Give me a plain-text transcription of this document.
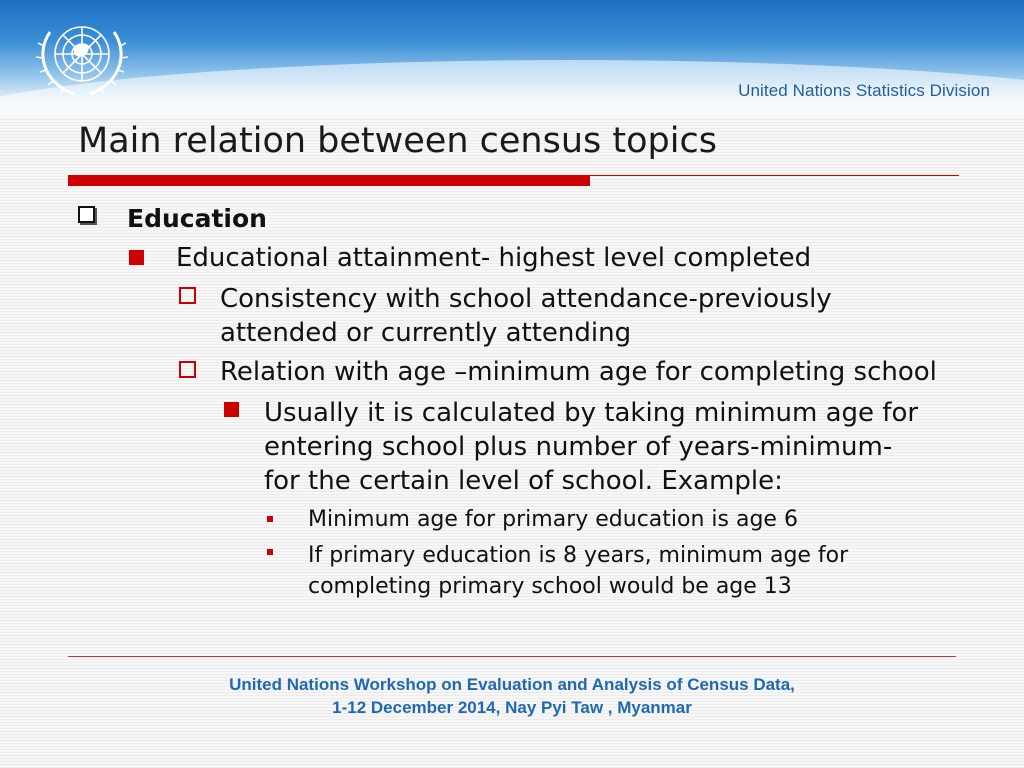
United Nations Statistics Division
Main relation between census topics
Education
Educational attainment- highest level completed
Consistency with school attendance-previously
attended or currently attending
Relation with age –minimum age for completing school
Usually it is calculated by taking minimum age for
entering school plus number of years-minimum-
for the certain level of school. Example:
Minimum age for primary education is age 6
If primary education is 8 years, minimum age for
completing primary school would be age 13
United Nations Workshop on Evaluation and Analysis of Census Data,
1-12 December 2014, Nay Pyi Taw , Myanmar
